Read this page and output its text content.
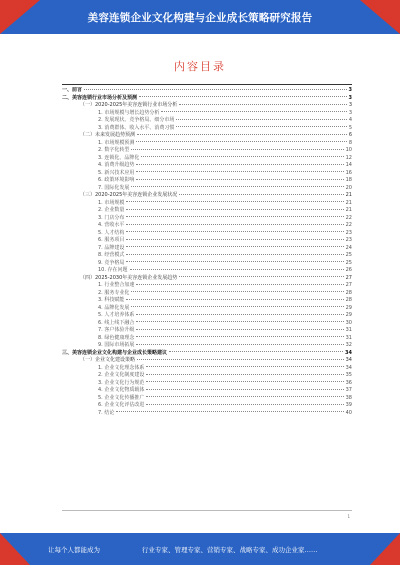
美容连锁企业文化构建与企业成长策略研究报告
内容目录
一、前言	3
二、美容连锁行业市场分析及预测	3
（一）2020-2025年美容连锁行业市场分析	3
1. 市场规模与增长趋势分析	3
2. 发展现状、竞争格局、细分市场	4
3. 消费群体、收入水平、消费习惯	5
（二）未来发展趋势预测	6
1. 市场规模预测	8
2. 数字化转型	10
3. 连锁化、品牌化	12
4. 消费升级趋势	14
5. 新兴技术应用	16
6. 政策环境影响	18
7. 国际化发展	20
（三）2020-2025年美容连锁企业发展状况	21
1. 市场规模	21
2. 企业数量	21
3. 门店分布	22
4. 营收水平	22
5. 人才结构	23
6. 服务项目	23
7. 品牌建设	24
8. 经营模式	25
9. 竞争格局	25
10. 存在问题	26
（四）2025-2030年美容连锁企业发展趋势	27
1. 行业整合加速	27
2. 服务专业化	28
3. 科技赋能	28
4. 品牌化发展	29
5. 人才培养体系	29
6. 线上线下融合	30
7. 客户体验升级	31
8. 绿色健康理念	31
9. 国际市场拓展	32
三、美容连锁企业文化构建与企业成长策略建议	34
（一）企业文化建设策略	34
1. 企业文化理念体系	34
2. 企业文化制度建设	35
3. 企业文化行为规范	36
4. 企业文化物质载体	37
5. 企业文化传播推广	38
6. 企业文化评估改进	39
7. 结论	40
1
让每个人都能成为	行业专家、管理专家、营销专家、战略专家、成功企业家……
